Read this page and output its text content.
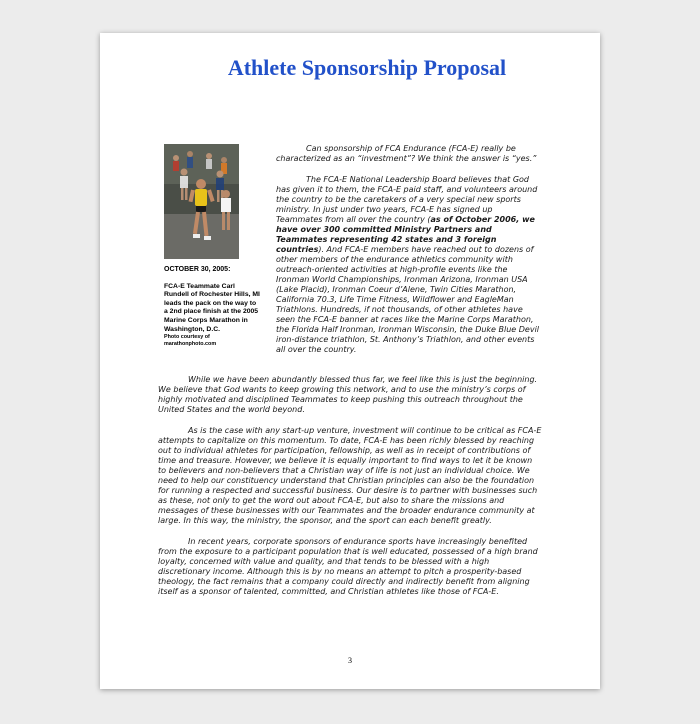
Athlete Sponsorship Proposal
OCTOBER 30, 2005:
FCA-E Teammate Carl Rundell of Rochester Hills, MI leads the pack on the way to a 2nd place finish at the 2005 Marine Corps Marathon in Washington, D.C.
Photo courtesy of marathonphoto.com

Can sponsorship of FCA Endurance (FCA-E) really be characterized as an “investment”? We think the answer is “yes.”

The FCA-E National Leadership Board believes that God has given it to them, the FCA-E paid staff, and volunteers around the country to be the caretakers of a very special new sports ministry. In just under two years, FCA-E has signed up Teammates from all over the country (as of October 2006, we have over 300 committed Ministry Partners and Teammates representing 42 states and 3 foreign countries). And FCA-E members have reached out to dozens of other members of the endurance athletics community with outreach-oriented activities at high-profile events like the Ironman World Championships, Ironman Arizona, Ironman USA (Lake Placid), Ironman Coeur d’Alene, Twin Cities Marathon, California 70.3, Life Time Fitness, Wildflower and EagleMan Triathlons. Hundreds, if not thousands, of other athletes have seen the FCA-E banner at races like the Marine Corps Marathon, the Florida Half Ironman, Ironman Wisconsin, the Duke Blue Devil iron-distance triathlon, St. Anthony’s Triathlon, and other events all over the country.

While we have been abundantly blessed thus far, we feel like this is just the beginning. We believe that God wants to keep growing this network, and to use the ministry’s corps of highly motivated and disciplined Teammates to keep pushing this outreach throughout the United States and the world beyond.

As is the case with any start-up venture, investment will continue to be critical as FCA-E attempts to capitalize on this momentum. To date, FCA-E has been richly blessed by reaching out to individual athletes for participation, fellowship, as well as in receipt of contributions of time and treasure. However, we believe it is equally important to find ways to let it be known to believers and non-believers that a Christian way of life is not just an individual choice. We need to help our constituency understand that Christian principles can also be the foundation for running a respected and successful business. Our desire is to partner with businesses such as these, not only to get the word out about FCA-E, but also to share the missions and messages of these businesses with our Teammates and the broader endurance community at large. In this way, the ministry, the sponsor, and the sport can each benefit greatly.

In recent years, corporate sponsors of endurance sports have increasingly benefited from the exposure to a participant population that is well educated, possessed of a high brand loyalty, concerned with value and quality, and that tends to be blessed with a high discretionary income. Although this is by no means an attempt to pitch a prosperity-based theology, the fact remains that a company could directly and indirectly benefit from aligning itself as a sponsor of talented, committed, and Christian athletes like those of FCA-E.

3
